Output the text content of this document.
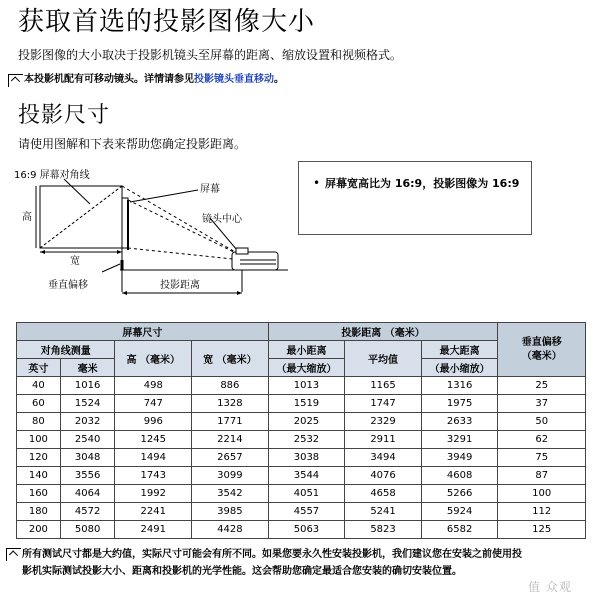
获取首选的投影图像大小
投影图像的大小取决于投影机镜头至屏幕的距离、缩放设置和视频格式。
本投影机配有可移动镜头。详情请参见投影镜头垂直移动。
投影尺寸
请使用图解和下表来帮助您确定投影距离。
16:9 屏幕对角线
屏幕
镜头中心
高
宽
垂直偏移	投影距离
• 屏幕宽高比为 16:9，投影图像为 16:9
屏幕尺寸				投影距离 （毫米）			垂直偏移
（毫米）
对角线测量		高 （毫米）	宽 （毫米）	最小距离	平均值	最大距离	
英寸	毫米			（最大缩放）		（最小缩放）	
40	1016	498	886	1013	1165	1316	25
60	1524	747	1328	1519	1747	1975	37
80	2032	996	1771	2025	2329	2633	50
100	2540	1245	2214	2532	2911	3291	62
120	3048	1494	2657	3038	3494	3949	75
140	3556	1743	3099	3544	4076	4608	87
160	4064	1992	3542	4051	4658	5266	100
180	4572	2241	3985	4557	5241	5924	112
200	5080	2491	4428	5063	5823	6582	125
所有测试尺寸都是大约值，实际尺寸可能会有所不同。如果您要永久性安装投影机，我们建议您在安装之前使用投
影机实际测试投影大小、距离和投影机的光学性能。这会帮助您确定最适合您安装的确切安装位置。
值 众观
